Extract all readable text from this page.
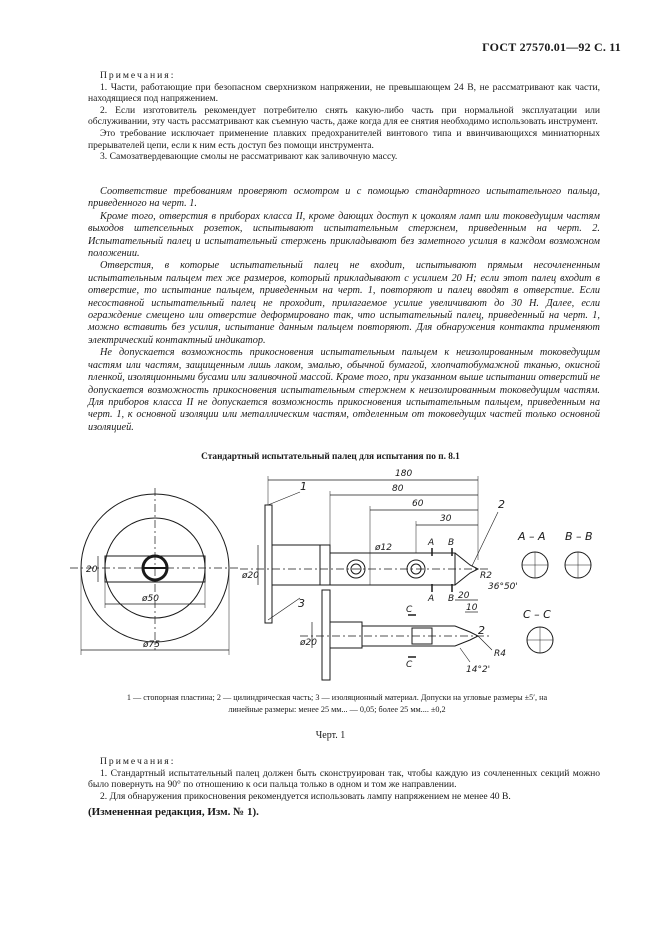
ГОСТ 27570.01—92 С. 11

Примечания:

1. Части, работающие при безопасном сверхнизком напряжении, не превышающем 24 В, не рассматривают как части, находящиеся под напряжением.

2. Если изготовитель рекомендует потребителю снять какую-либо часть при нормальной эксплуатации или обслуживании, эту часть рассматривают как съемную часть, даже когда для ее снятия необходимо использовать инструмент.

Это требование исключает применение плавких предохранителей винтового типа и ввинчивающихся миниатюрных прерывателей цепи, если к ним есть доступ без помощи инструмента.

3. Самозатвердевающие смолы не рассматривают как заливочную массу.

Соответствие требованиям проверяют осмотром и с помощью стандартного испытательного пальца, приведенного на черт. 1.

Кроме того, отверстия в приборах класса II, кроме дающих доступ к цоколям ламп или токоведущим частям выходов штепсельных розеток, испытывают испытательным стержнем, приведенным на черт. 2. Испытательный палец и испытательный стержень прикладывают без заметного усилия в каждом возможном положении.

Отверстия, в которые испытательный палец не входит, испытывают прямым несочлененным испытательным пальцем тех же размеров, который прикладывают с усилием 20 Н; если этот палец входит в отверстие, то испытание пальцем, приведенным на черт. 1, повторяют и палец вводят в отверстие. Если несоставной испытательный палец не проходит, прилагаемое усилие увеличивают до 30 Н. Далее, если ограждение смещено или отверстие деформировано так, что испытательный палец, приведенный на черт. 1, можно вставить без усилия, испытание данным пальцем повторяют. Для обнаружения контакта применяют электрический контактный индикатор.

Не допускается возможность прикосновения испытательным пальцем к неизолированным токоведущим частям или частям, защищенным лишь лаком, эмалью, обычной бумагой, хлопчатобумажной тканью, окисной пленкой, изоляционными бусами или заливочной массой. Кроме того, при указанном выше испытании отверстий не допускается возможность прикосновения испытательным стержнем к неизолированным токоведущим частям. Для приборов класса II не допускается возможность прикосновения испытательным пальцем, приведенным на черт. 1, к основной изоляции или металлическим частям, отделенным от токоведущих частей только основной изоляцией.

Стандартный испытательный палец для испытания по п. 8.1
180
80
60
30
ø12
ø20
20
ø50
ø75
R2
36°50'
20
10
R4
14°2'
ø20
A B
A B
C
C
A – A B – B
C – C
1
2
3
2
1 — стопорная пластина; 2 — цилиндрическая часть; 3 — изоляционный материал. Допуски на угловые размеры ±5′, на
линейные размеры: менее 25 мм... — 0,05; более 25 мм.... ±0,2
Черт. 1

Примечания:

1. Стандартный испытательный палец должен быть сконструирован так, чтобы каждую из сочлененных секций можно было повернуть на 90° по отношению к оси пальца только в одном и том же направлении.

2. Для обнаружения прикосновения рекомендуется использовать лампу напряжением не менее 40 В.

(Измененная редакция, Изм. № 1).
